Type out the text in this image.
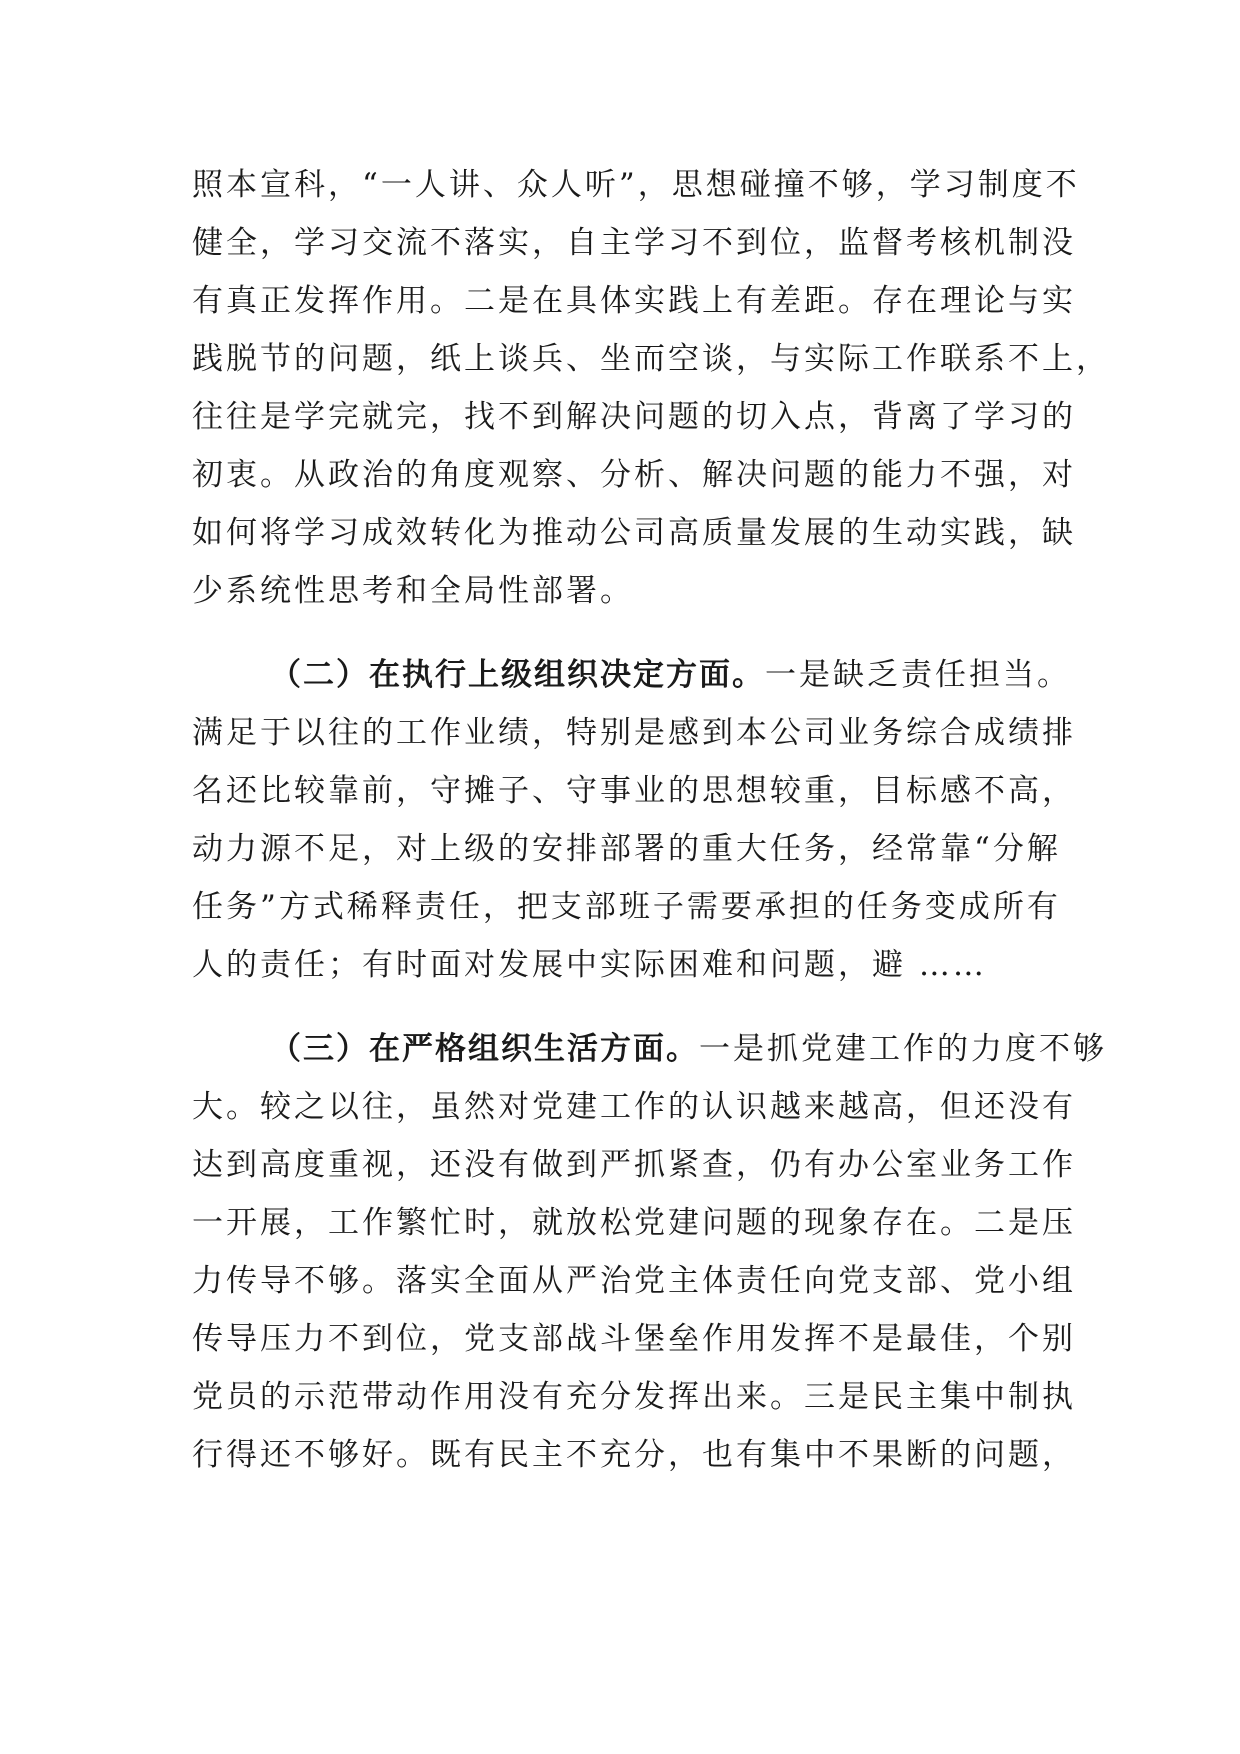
照本宣科，“一人讲、众人听”，思想碰撞不够，学习制度不
健全，学习交流不落实，自主学习不到位，监督考核机制没
有真正发挥作用。二是在具体实践上有差距。存在理论与实
践脱节的问题，纸上谈兵、坐而空谈，与实际工作联系不上，
往往是学完就完，找不到解决问题的切入点，背离了学习的
初衷。从政治的角度观察、分析、解决问题的能力不强，对
如何将学习成效转化为推动公司高质量发展的生动实践，缺
少系统性思考和全局性部署。
（二）在执行上级组织决定方面。一是缺乏责任担当。
满足于以往的工作业绩，特别是感到本公司业务综合成绩排
名还比较靠前，守摊子、守事业的思想较重，目标感不高，
动力源不足，对上级的安排部署的重大任务，经常靠“分解
任务”方式稀释责任，把支部班子需要承担的任务变成所有
人的责任；有时面对发展中实际困难和问题，避 ……
（三）在严格组织生活方面。一是抓党建工作的力度不够
大。较之以往，虽然对党建工作的认识越来越高，但还没有
达到高度重视，还没有做到严抓紧查，仍有办公室业务工作
一开展，工作繁忙时，就放松党建问题的现象存在。二是压
力传导不够。落实全面从严治党主体责任向党支部、党小组
传导压力不到位，党支部战斗堡垒作用发挥不是最佳，个别
党员的示范带动作用没有充分发挥出来。三是民主集中制执
行得还不够好。既有民主不充分，也有集中不果断的问题，
